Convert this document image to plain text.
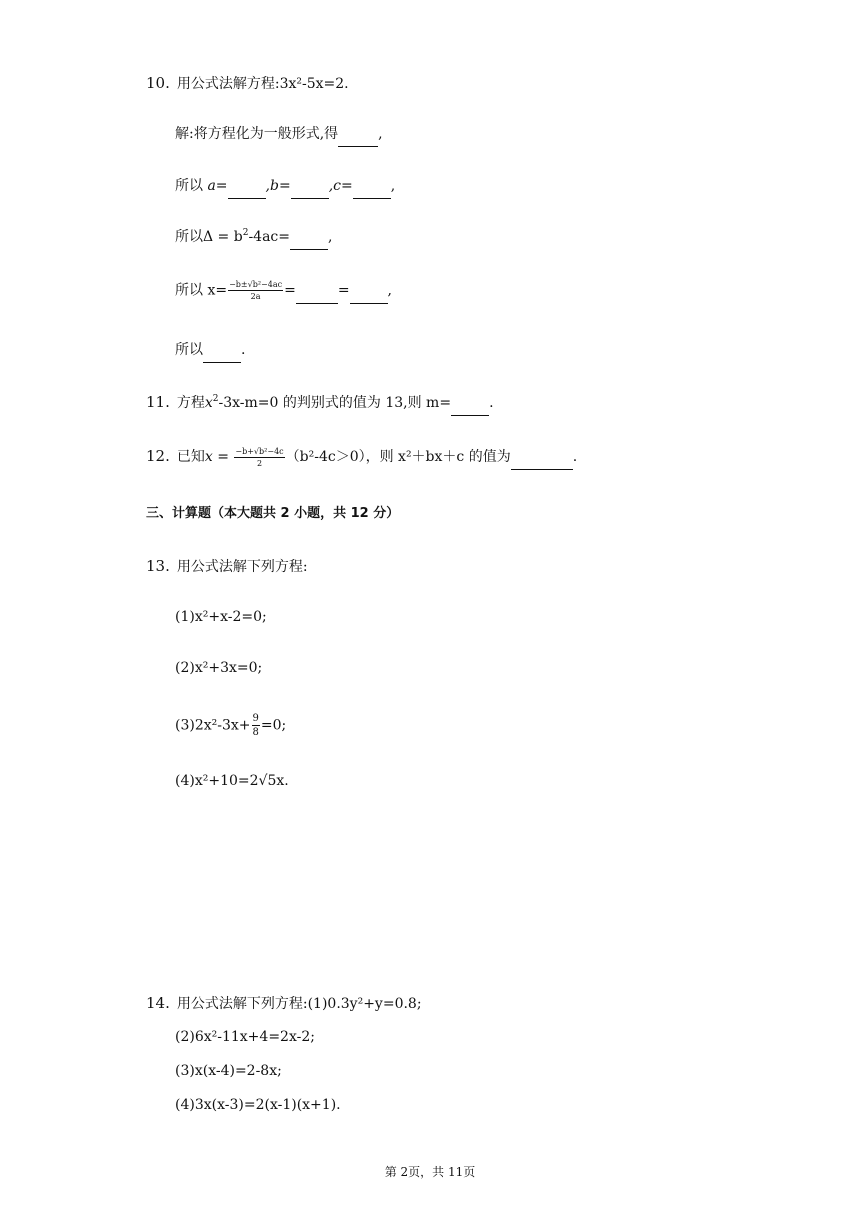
10. 用公式法解方程:3x²-5x=2.
解:将方程化为一般形式,得	,
所以 a=	,b=	,c=	,
所以$\Delta = b^2-4ac=$	,
所以 $x= \frac{\text{−b±√b²−4ac}}{2a}$ =	=	,
所以	.
11. 方程$x^2-3x-m=0$ 的判别式的值为 13,则 m=	.
12. 已知$x = \frac{\text{−b+√b²−4c}}{2} (b^2-4c>0)$，则 x²＋bx＋c 的值为	.
三、计算题（本大题共 2 小题，共 12 分）
13. 用公式法解下列方程:
(1)x²+x-2=0;
(2)x²+3x=0;
$(3)2x^2-3x+ \frac{9}{8} =0$;
(4)x²+10=2√5x.
14. 用公式法解下列方程:(1)0.3y²+y=0.8;
(2)6x²-11x+4=2x-2;
(3)x(x-4)=2-8x;
(4)3x(x-3)=2(x-1)(x+1).
第 2页，共 11页
